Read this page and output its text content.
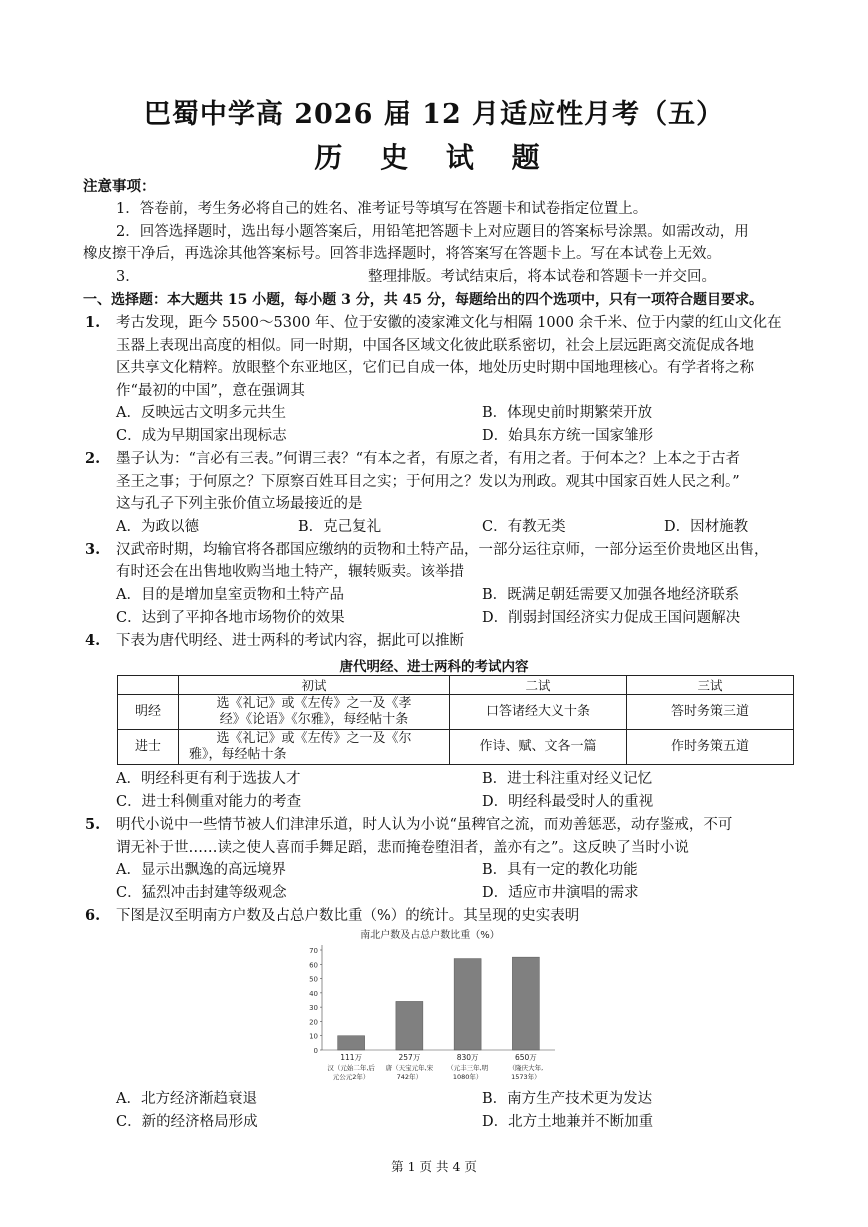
巴蜀中学高 2026 届 12 月适应性月考（五）
历 史 试 题
注意事项：
1．答卷前，考生务必将自己的姓名、准考证号等填写在答题卡和试卷指定位置上。
2．回答选择题时，选出每小题答案后，用铅笔把答题卡上对应题目的答案标号涂黑。如需改动，用
橡皮擦干净后，再选涂其他答案标号。回答非选择题时，将答案写在答题卡上。写在本试卷上无效。
3．	整理排版。考试结束后，将本试卷和答题卡一并交回。
一、选择题：本大题共 15 小题，每小题 3 分，共 45 分，每题给出的四个选项中，只有一项符合题目要求。
1. 考古发现，距今 5500～5300 年、位于安徽的凌家滩文化与相隔 1000 余千米、位于内蒙的红山文化在
玉器上表现出高度的相似。同一时期，中国各区域文化彼此联系密切，社会上层远距离交流促成各地
区共享文化精粹。放眼整个东亚地区，它们已自成一体，地处历史时期中国地理核心。有学者将之称
作“最初的中国”，意在强调其
A．反映远古文明多元共生	B．体现史前时期繁荣开放
C．成为早期国家出现标志	D．始具东方统一国家雏形
2. 墨子认为：“言必有三表。”何谓三表？“有本之者，有原之者，有用之者。于何本之？上本之于古者
圣王之事；于何原之？下原察百姓耳目之实；于何用之？发以为刑政。观其中国家百姓人民之利。”
这与孔子下列主张价值立场最接近的是
A．为政以德	B．克己复礼	C．有教无类	D．因材施教
3. 汉武帝时期，均输官将各郡国应缴纳的贡物和土特产品，一部分运往京师，一部分运至价贵地区出售，
有时还会在出售地收购当地土特产，辗转贩卖。该举措
A．目的是增加皇室贡物和土特产品	B．既满足朝廷需要又加强各地经济联系
C．达到了平抑各地市场物价的效果	D．削弱封国经济实力促成王国问题解决
4. 下表为唐代明经、进士两科的考试内容，据此可以推断
唐代明经、进士两科的考试内容
	初试	二试	三试
明经	选《礼记》或《左传》之一及《孝
经》《论语》《尔雅》，每经帖十条	口答诸经大义十条	答时务策三道
进士	选《礼记》或《左传》之一及《尔
雅》，每经帖十条	作诗、赋、文各一篇	作时务策五道
A．明经科更有利于选拔人才	B．进士科注重对经义记忆
C．进士科侧重对能力的考查	D．明经科最受时人的重视
5. 明代小说中一些情节被人们津津乐道，时人认为小说“虽稗官之流，而劝善惩恶，动存鉴戒，不可
谓无补于世……读之使人喜而手舞足蹈，悲而掩卷堕泪者，盖亦有之”。这反映了当时小说
A．显示出飘逸的高远境界	B．具有一定的教化功能
C．猛烈冲击封建等级观念	D．适应市井演唱的需求
6. 下图是汉至明南方户数及占总户数比重（%）的统计。其呈现的史实表明
南北户数及占总户数比重（%）
0
10
20
30
40
50
60
70
111万
汉（元始二年,后
元公元2年）
257万
唐（天宝元年,宋
742年）
830万
（元丰三年,明
1080年）
650万
（隆庆大年,
1573年）
A．北方经济渐趋衰退	B．南方生产技术更为发达
C．新的经济格局形成	D．北方土地兼并不断加重
第 1 页 共 4 页
